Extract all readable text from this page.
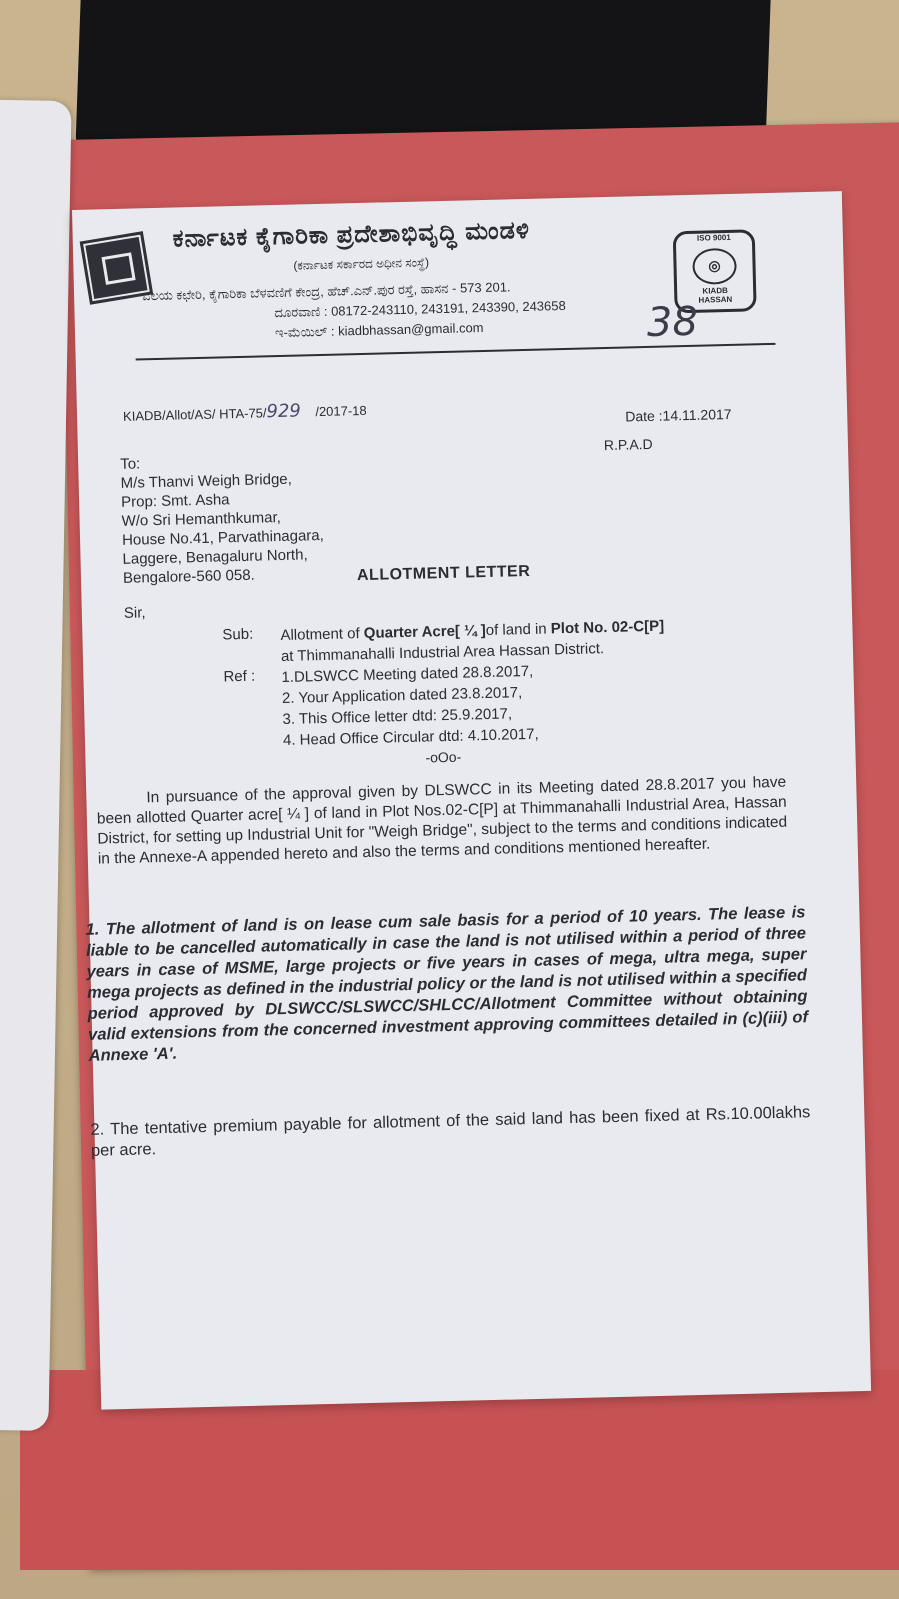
ಕರ್ನಾಟಕ ಕೈಗಾರಿಕಾ ಪ್ರದೇಶಾಭಿವೃದ್ಧಿ ಮಂಡಳಿ
(ಕರ್ನಾಟಕ ಸರ್ಕಾರದ ಅಧೀನ ಸಂಸ್ಥೆ)
ವಲಯ ಕಛೇರಿ, ಕೈಗಾರಿಕಾ ಬೆಳವಣಿಗೆ ಕೇಂದ್ರ, ಹೆಚ್.ಎನ್.ಪುರ ರಸ್ತೆ, ಹಾಸನ - 573 201.
ದೂರವಾಣಿ : 08172-243110, 243191, 243390, 243658
ಇ-ಮೆಯಿಲ್ : kiadbhassan@gmail.com
ISO 9001
◎
KIADB
HASSAN
38
KIADB/Allot/AS/ HTA-75/929 /2017-18	Date :14.11.2017
R.P.A.D
To:
M/s Thanvi Weigh Bridge,
Prop: Smt. Asha
W/o Sri Hemanthkumar,
House No.41, Parvathinagara,
Laggere, Benagaluru North,
Bengalore-560 058.	ALLOTMENT LETTER
Sir,
Sub: Allotment of Quarter Acre[ ¼ ]of land in Plot No. 02-C[P]
at Thimmanahalli Industrial Area Hassan District.
Ref : 1.DLSWCC Meeting dated 28.8.2017,
2. Your Application dated 23.8.2017,
3. This Office letter dtd: 25.9.2017,
4. Head Office Circular dtd: 4.10.2017,
-oOo-
In pursuance of the approval given by DLSWCC in its Meeting dated 28.8.2017 you have been allotted Quarter acre[ ¼ ] of land in Plot Nos.02-C[P] at Thimmanahalli Industrial Area, Hassan District, for setting up Industrial Unit for "Weigh Bridge", subject to the terms and conditions indicated in the Annexe-A appended hereto and also the terms and conditions mentioned hereafter.
1. The allotment of land is on lease cum sale basis for a period of 10 years. The lease is liable to be cancelled automatically in case the land is not utilised within a period of three years in case of MSME, large projects or five years in cases of mega, ultra mega, super mega projects as defined in the industrial policy or the land is not utilised within a specified period approved by DLSWCC/SLSWCC/SHLCC/Allotment Committee without obtaining valid extensions from the concerned investment approving committees detailed in (c)(iii) of Annexe 'A'.
2. The tentative premium payable for allotment of the said land has been fixed at Rs.10.00lakhs per acre.
